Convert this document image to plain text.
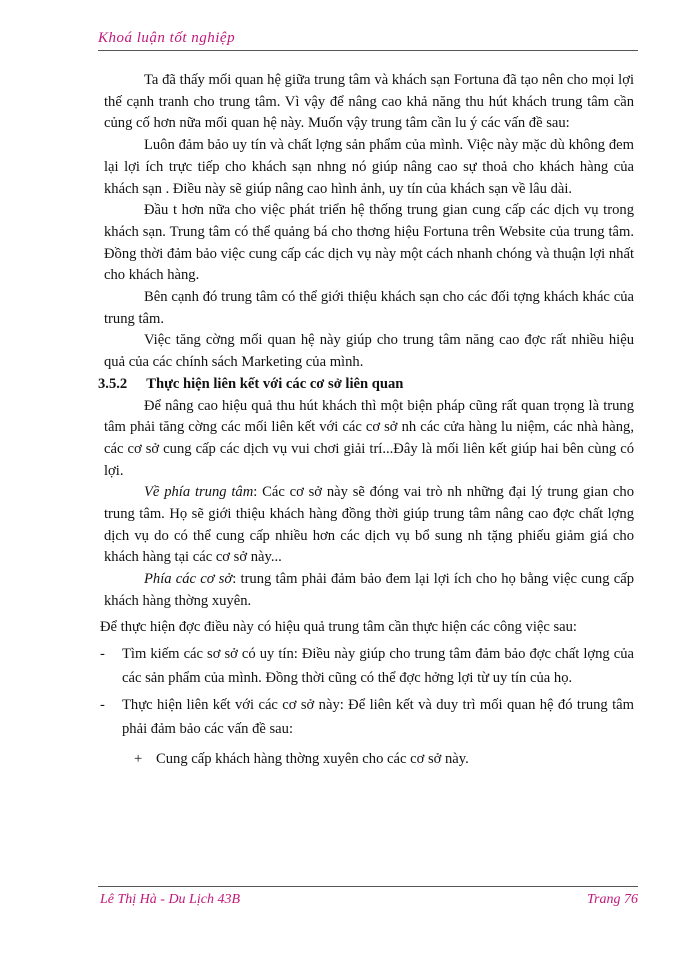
Khoá luận tốt nghiệp

Ta đã thấy mối quan hệ giữa trung tâm và khách sạn Fortuna đã tạo nên cho mọi lợi thế cạnh tranh cho trung tâm. Vì vậy để nâng cao khả năng thu hút khách trung tâm cần củng cố hơn nữa mối quan hệ này. Muốn vậy trung tâm cần lu ý các vấn đề sau:

Luôn đảm bảo uy tín và chất lợng sản phẩm của mình. Việc này mặc dù không đem lại lợi ích trực tiếp cho khách sạn nhng nó giúp nâng cao sự thoả cho khách hàng của khách sạn . Điều này sẽ giúp nâng cao hình ảnh, uy tín của khách sạn về lâu dài.

Đầu t hơn nữa cho việc phát triển hệ thống trung gian cung cấp các dịch vụ trong khách sạn. Trung tâm có thể quảng bá cho thơng hiệu Fortuna trên Website của trung tâm. Đồng thời đảm bảo việc cung cấp các dịch vụ này một cách nhanh chóng và thuận lợi nhất cho khách hàng.

Bên cạnh đó trung tâm có thể giới thiệu khách sạn cho các đối tợng khách khác của trung tâm.

Việc tăng cờng mối quan hệ này giúp cho trung tâm năng cao đợc rất nhiều hiệu quả của các chính sách Marketing của mình.

3.5.2 Thực hiện liên kết với các cơ sở liên quan

Để nâng cao hiệu quả thu hút khách thì một biện pháp cũng rất quan trọng là trung tâm phải tăng cờng các mối liên kết với các cơ sở nh các cửa hàng lu niệm, các nhà hàng, các cơ sở cung cấp các dịch vụ vui chơi giải trí...Đây là mối liên kết giúp hai bên cùng có lợi.

Về phía trung tâm: Các cơ sở này sẽ đóng vai trò nh những đại lý trung gian cho trung tâm. Họ sẽ giới thiệu khách hàng đồng thời giúp trung tâm nâng cao đợc chất lợng dịch vụ do có thể cung cấp nhiều hơn các dịch vụ bổ sung nh tặng phiếu giảm giá cho khách hàng tại các cơ sở này...

Phía các cơ sở: trung tâm phải đảm bảo đem lại lợi ích cho họ bằng việc cung cấp khách hàng thờng xuyên.

Để thực hiện đợc điều này có hiệu quả trung tâm cần thực hiện các công việc sau:

- Tìm kiếm các sơ sở có uy tín: Điều này giúp cho trung tâm đảm bảo đợc chất lợng của các sản phẩm của mình. Đồng thời cũng có thể đợc hởng lợi từ uy tín của họ.

- Thực hiện liên kết với các cơ sở này: Để liên kết và duy trì mối quan hệ đó trung tâm phải đảm bảo các vấn đề sau:

+ Cung cấp khách hàng thờng xuyên cho các cơ sở này.

Lê Thị Hà - Du Lịch 43B	Trang 76
